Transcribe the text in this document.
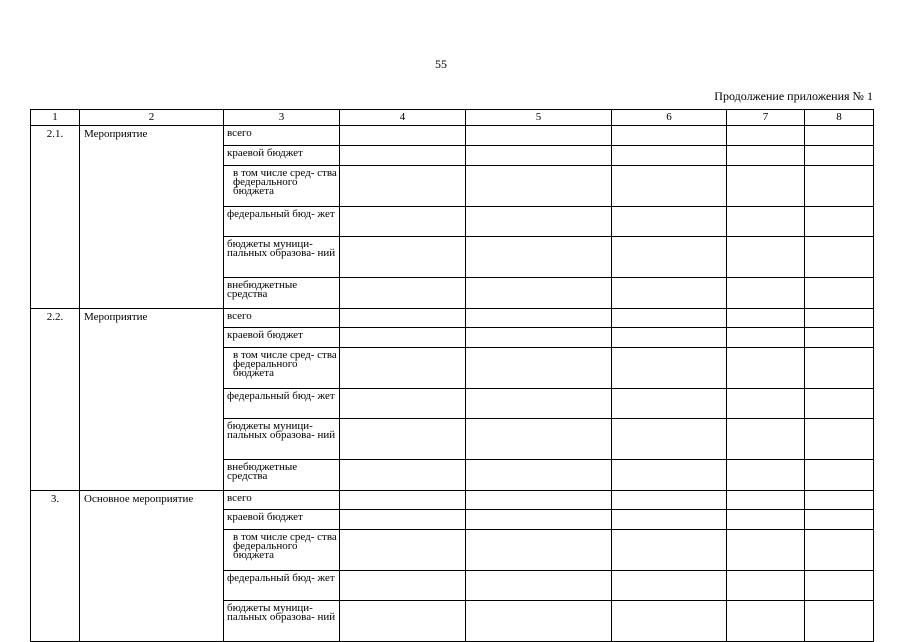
55
Продолжение приложения № 1
1	2	3	4	5	6	7	8
2.1.	Мероприятие	всего					
		краевой бюджет					
		в том числе сред- ства федерального бюджета					
		федеральный бюд- жет					
		бюджеты муници- пальных образова- ний					
		внебюджетные средства					
2.2.	Мероприятие	всего					
		краевой бюджет					
		в том числе сред- ства федерального бюджета					
		федеральный бюд- жет					
		бюджеты муници- пальных образова- ний					
		внебюджетные средства					
3.	Основное мероприятие	всего					
		краевой бюджет					
		в том числе сред- ства федерального бюджета					
		федеральный бюд- жет					
		бюджеты муници- пальных образова- ний					
